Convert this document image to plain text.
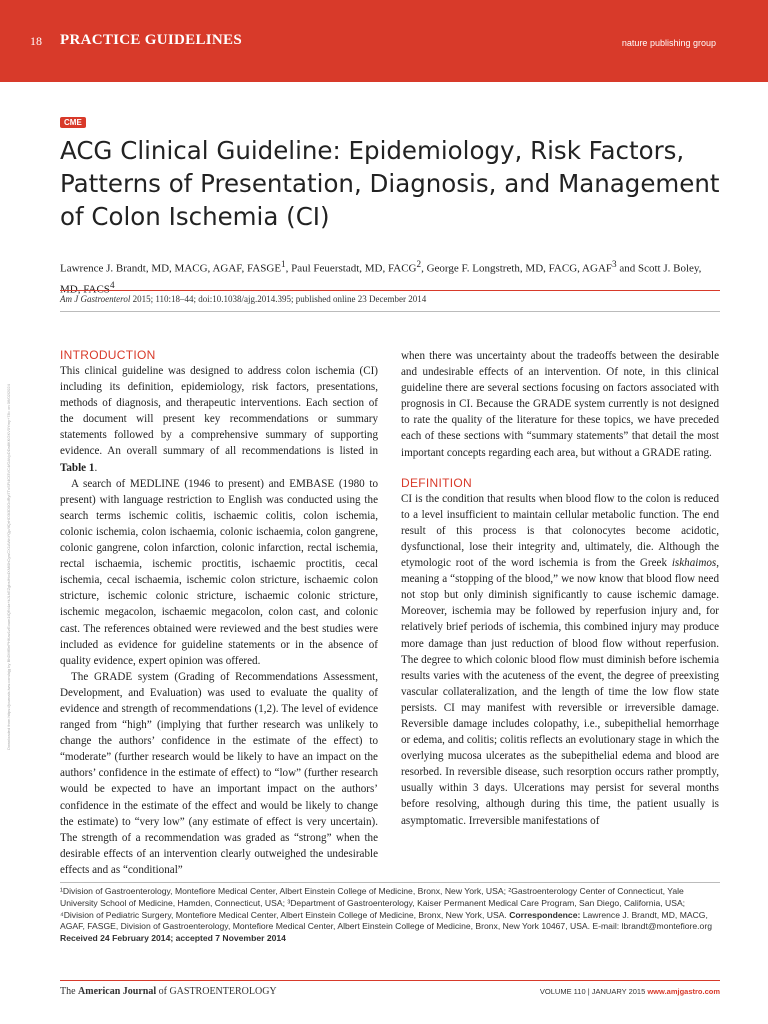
18 PRACTICE GUIDELINES	nature publishing group
Downloaded from https://journals.lww.com/ajg by BhDMf5ePHKav1zEoum1tQfN4a+kJLhEZgbsIHo4XMi0hCywCX1AWnYQp/IlQrHD3i3D0OdRyi7TvSFl4Cf3VC4/OAVpDDa8KKGKV0Ymy+78= on 06/02/2024
CME
ACG Clinical Guideline: Epidemiology, Risk Factors, Patterns of Presentation, Diagnosis, and Management of Colon Ischemia (CI)
Lawrence J. Brandt, MD, MACG, AGAF, FASGE$^1$, Paul Feuerstadt, MD, FACG$^2$, George F. Longstreth, MD, FACG, AGAF$^3$ and Scott J. Boley, $^4$
Am J Gastroenterol 2015; 110:18–44; doi:10.1038/ajg.2014.395; published online 23 December 2014
INTRODUCTION

This clinical guideline was designed to address colon ischemia (CI) including its definition, epidemiology, risk factors, presentations, methods of diagnosis, and therapeutic interventions. Each section of the document will present key recommendations or summary statements followed by a comprehensive summary of supporting evidence. An overall summary of all recommendations is listed in Table 1.

A search of MEDLINE (1946 to present) and EMBASE (1980 to present) with language restriction to English was conducted using the search terms ischemic colitis, ischaemic colitis, colon ischemia, colonic ischemia, colon ischaemia, colonic ischaemia, colon gangrene, colonic gangrene, colon infarction, colonic infarction, rectal ischemia, rectal ischaemia, ischemic proctitis, ischaemic proctitis, cecal ischemia, cecal ischaemia, ischemic colon stricture, ischaemic colon stricture, ischemic colonic stricture, ischaemic colonic stricture, ischemic megacolon, ischaemic megacolon, colon cast, and colonic cast. The references obtained were reviewed and the best studies were included as evidence for guideline statements or in the absence of quality evidence, expert opinion was offered.

The GRADE system (Grading of Recommendations Assessment, Development, and Evaluation) was used to evaluate the quality of evidence and strength of recommendations (1,2). The level of evidence ranged from “high” (implying that further research was unlikely to change the authors’ confidence in the estimate of the effect) to “moderate” (further research would be likely to have an impact on the authors’ confidence in the estimate of effect) to “low” (further research would be expected to have an important impact on the authors’ confidence in the estimate of the effect and would be likely to change the estimate) to “very low” (any estimate of effect is very uncertain). The strength of a recommendation was graded as “strong” when the desirable effects of an intervention clearly outweighed the undesirable effects and as “conditional”

when there was uncertainty about the tradeoffs between the desirable and undesirable effects of an intervention. Of note, in this clinical guideline there are several sections focusing on factors associated with prognosis in CI. Because the GRADE system currently is not designed to rate the quality of the literature for these topics, we have preceded each of these sections with “summary statements” that detail the most important concepts regarding each area, but without a GRADE rating.

DEFINITION

CI is the condition that results when blood flow to the colon is reduced to a level insufficient to maintain cellular metabolic function. The end result of this process is that colonocytes become acidotic, dysfunctional, lose their integrity and, ultimately, die. Although the etymologic root of the word ischemia is from the Greek iskhaimos, meaning a “stopping of the blood,” we now know that blood flow need not stop but only diminish significantly to cause ischemic damage. Moreover, ischemia may be followed by reperfusion injury and, for relatively brief periods of ischemia, this combined injury may produce more damage than just reduction of blood flow without reperfusion. The degree to which colonic blood flow must diminish before ischemia results varies with the acuteness of the event, the degree of preexisting vascular collateralization, and the length of time the low flow state persists. CI may manifest with reversible or irreversible damage. Reversible damage includes colopathy, i.e., subepithelial hemorrhage or edema, and colitis; colitis reflects an evolutionary stage in which the overlying mucosa ulcerates as the subepithelial edema and blood are resorbed. In reversible disease, such resorption occurs rather promptly, usually within 3 days. Ulcerations may persist for several months before resolving, although during this time, the patient usually is asymptomatic. Irreversible manifestations of

¹Division of Gastroenterology, Montefiore Medical Center, Albert Einstein College of Medicine, Bronx, New York, USA; ²Gastroenterology Center of Connecticut, Yale University School of Medicine, Hamden, Connecticut, USA; ³Department of Gastroenterology, Kaiser Permanent Medical Care Program, San Diego, California, USA; ⁴Division of Pediatric Surgery, Montefiore Medical Center, Albert Einstein College of Medicine, Bronx, New York, USA. Correspondence: Lawrence J. Brandt, MD, MACG, AGAF, FASGE, Division of Gastroenterology, Montefiore Medical Center, Albert Einstein College of Medicine, Bronx, New York 10467, USA. E-mail: lbrandt@montefiore.org

Received 24 February 2014; accepted 7 November 2014

The American Journal of GASTROENTEROLOGY	VOLUME 110 | JANUARY 2015 www.amjgastro.com
